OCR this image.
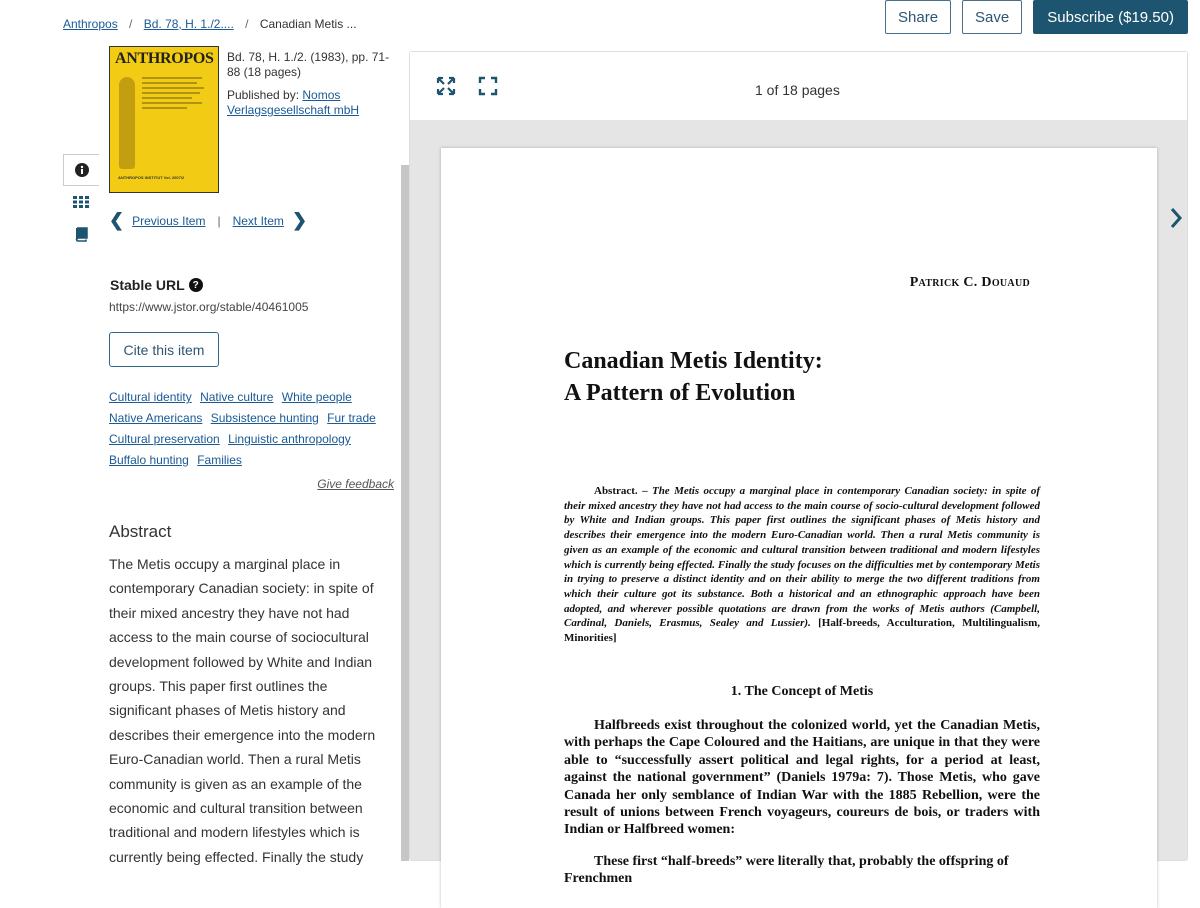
Anthropos / Bd. 78, H. 1./2.... / Canadian Metis ...	Share	Save	Subscribe ($19.50)
ANTHROPOS
ANTHROPOS INSTITUT Vol. 2007/2
Bd. 78, H. 1./2. (1983), pp. 71-88 (18 pages)
Published by: Nomos Verlagsgesellschaft mbH
❮ Previous Item | Next Item ❯
Stable URL ?
https://www.jstor.org/stable/40461005
Cite this item
Cultural identity Native culture White people
Native Americans Subsistence hunting Fur trade
Cultural preservation Linguistic anthropology
Buffalo hunting Families
Give feedback
Abstract
The Metis occupy a marginal place in contemporary Canadian society: in spite of their mixed ancestry they have not had access to the main course of sociocultural development followed by White and Indian groups. This paper first outlines the significant phases of Metis history and describes their emergence into the modern Euro-Canadian world. Then a rural Metis community is given as an example of the economic and cultural transition between traditional and modern lifestyles which is currently being effected. Finally the study
1 of 18 pages
Patrick C. Douaud
Canadian Metis Identity:
A Pattern of Evolution
Abstract. – The Metis occupy a marginal place in contemporary Canadian society: in spite of their mixed ancestry they have not had access to the main course of socio-cultural development followed by White and Indian groups. This paper first outlines the significant phases of Metis history and describes their emergence into the modern Euro-Canadian world. Then a rural Metis community is given as an example of the economic and cultural transition between traditional and modern lifestyles which is currently being effected. Finally the study focuses on the difficulties met by contemporary Metis in trying to preserve a distinct identity and on their ability to merge the two different traditions from which their culture got its substance. Both a historical and an ethnographic approach have been adopted, and wherever possible quotations are drawn from the works of Metis authors (Campbell, Cardinal, Daniels, Erasmus, Sealey and Lussier). [Half-breeds, Acculturation, Multilingualism, Minorities]
1. The Concept of Metis
Halfbreeds exist throughout the colonized world, yet the Canadian Metis, with perhaps the Cape Coloured and the Haitians, are unique in that they were able to “successfully assert political and legal rights, for a period at least, against the national government” (Daniels 1979a: 7). Those Metis, who gave Canada her only semblance of Indian War with the 1885 Rebellion, were the result of unions between French voyageurs, coureurs de bois, or traders with Indian or Halfbreed women:
These first “half-breeds” were literally that, probably the offspring of Frenchmen
